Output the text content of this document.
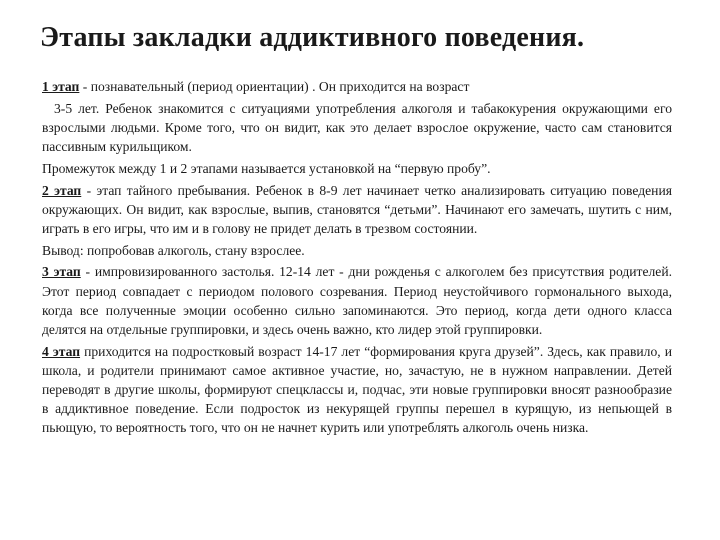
Этапы закладки аддиктивного поведения.

1 этап - познавательный (период ориентации) . Он приходится на возраст

3-5 лет. Ребенок знакомится с ситуациями употребления алкоголя и табакокурения окружающими его взрослыми людьми. Кроме того, что он видит, как это делает взрослое окружение, часто сам становится пассивным курильщиком.

Промежуток между 1 и 2 этапами называется установкой на “первую пробу”.

2 этап - этап тайного пребывания. Ребенок в 8-9 лет начинает четко анализировать ситуацию поведения окружающих. Он видит, как взрослые, выпив, становятся “детьми”. Начинают его замечать, шутить с ним, играть в его игры, что им и в голову не придет делать в трезвом состоянии.

Вывод: попробовав алкоголь, стану взрослее.

3 этап - импровизированного застолья. 12-14 лет - дни рожденья с алкоголем без присутствия родителей. Этот период совпадает с периодом полового созревания. Период неустойчивого гормонального выхода, когда все полученные эмоции особенно сильно запоминаются. Это период, когда дети одного класса делятся на отдельные группировки, и здесь очень важно, кто лидер этой группировки.

4 этап приходится на подростковый возраст 14-17 лет “формирования круга друзей”. Здесь, как правило, и школа, и родители принимают самое активное участие, но, зачастую, не в нужном направлении. Детей переводят в другие школы, формируют спецклассы и, подчас, эти новые группировки вносят разнообразие в аддиктивное поведение. Если подросток из некурящей группы перешел в курящую, из непьющей в пьющую, то вероятность того, что он не начнет курить или употреблять алкоголь очень низка.
